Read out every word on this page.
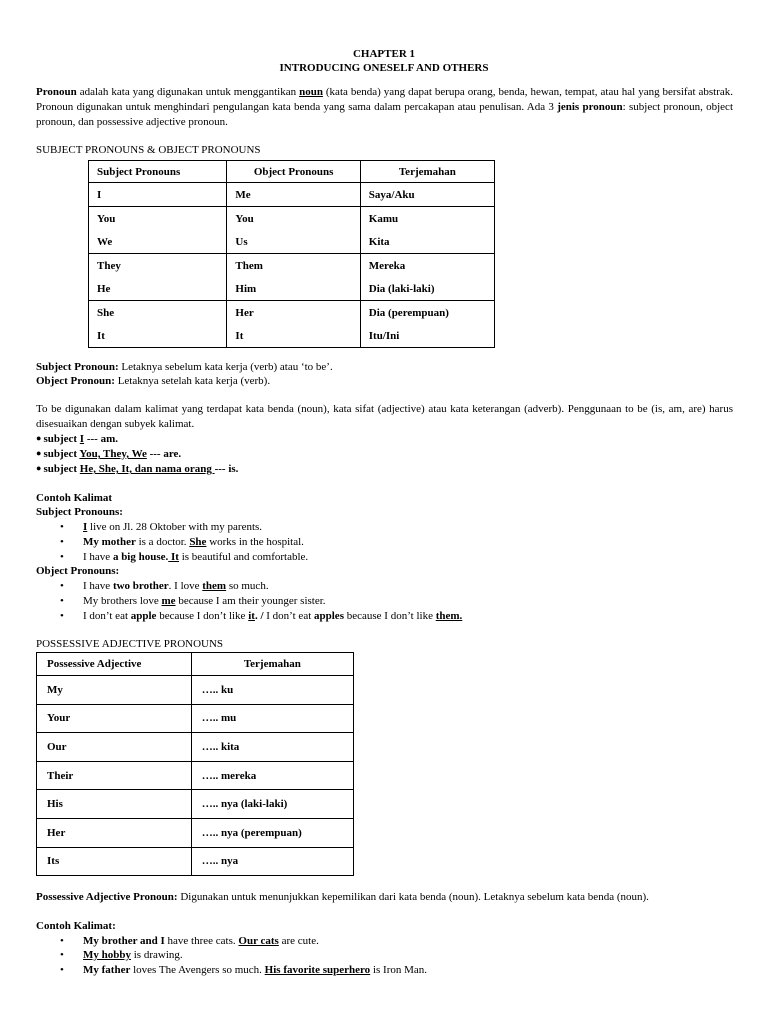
CHAPTER 1
INTRODUCING ONESELF AND OTHERS
Pronoun adalah kata yang digunakan untuk menggantikan noun (kata benda) yang dapat berupa orang, benda, hewan, tempat, atau hal yang bersifat abstrak. Pronoun digunakan untuk menghindari pengulangan kata benda yang sama dalam percakapan atau penulisan. Ada 3 jenis pronoun: subject pronoun, object pronoun, dan possessive adjective pronoun.
SUBJECT PRONOUNS & OBJECT PRONOUNS
Subject Pronouns	Object Pronouns	Terjemahan
I	Me	Saya/Aku
You	You	Kamu
We	Us	Kita
They	Them	Mereka
He	Him	Dia (laki-laki)
She	Her	Dia (perempuan)
It	It	Itu/Ini
Subject Pronoun: Letaknya sebelum kata kerja (verb) atau ‘to be’.
Object Pronoun: Letaknya setelah kata kerja (verb).
To be digunakan dalam kalimat yang terdapat kata benda (noun), kata sifat (adjective) atau kata keterangan (adverb). Penggunaan to be (is, am, are) harus disesuaikan dengan subyek kalimat.
● subject I --- am.
● subject You, They, We --- are.
● subject He, She, It, dan nama orang --- is.
Contoh Kalimat
Subject Pronouns:
• I live on Jl. 28 Oktober with my parents.
• My mother is a doctor. She works in the hospital.
• I have a big house. It is beautiful and comfortable.
Object Pronouns:
• I have two brother. I love them so much.
• My brothers love me because I am their younger sister.
• I don’t eat apple because I don’t like it. / I don’t eat apples because I don’t like them.
POSSESSIVE ADJECTIVE PRONOUNS
Possessive Adjective	Terjemahan
My	….. ku
Your	….. mu
Our	….. kita
Their	….. mereka
His	….. nya (laki-laki)
Her	….. nya (perempuan)
Its	….. nya
Possessive Adjective Pronoun: Digunakan untuk menunjukkan kepemilikan dari kata benda (noun). Letaknya sebelum kata benda (noun).
Contoh Kalimat:
• My brother and I have three cats. Our cats are cute.
• My hobby is drawing.
• My father loves The Avengers so much. His favorite superhero is Iron Man.
